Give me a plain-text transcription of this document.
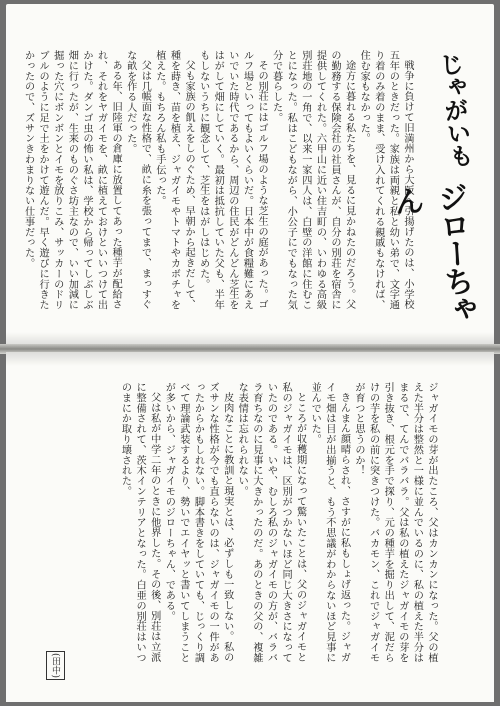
じゃがいも
ジローちゃん

戦争に負けて旧満州から大阪へ引揚げたのは、小学校五年のときだった。家族は両親と私と幼い弟で、文字通り着のみ着のまま、受け入れてくれる親戚もなければ、住む家もなかった。

途方に暮れる私たちを、見るに見かねたのだろう。父の勤務する保険会社の社員さんが、自分の別荘を宿舎に提供してくれた。六甲山に近い住吉町の、いわゆる高級別荘地の一角で、以来一家四人は、白壁の洋館に住むことになった。私はこどもながら、小公子にでもなった気分で暮らした。

その別荘にはゴルフ場のような芝生の庭があった。ゴルフ場といってもよいくらいだ。日本中が食糧難にあえいでいた時代であるから、周辺の住民がどんどん芝生をはがして畑にしていく。最初は抵抗していた父も、半年もしないうちに観念して、芝生をはがしはじめた。

父も家族の飢えをしのぐため、早朝から起きだして、種を蒔き、苗を植え、ジャガイモやトマトやカボチャを植えた。もちろん私も手伝った。

父は几帳面な性格で、畝に糸を張ってまで、まっすぐな畝を作る人だった。

ある年、旧陸軍の倉庫に放置してあった種芋が配給され、それをヤガイモを、畝に植えておけといいつけて出かけた。ダンゴ虫の怖い私は、学校から帰ってしぶしぶ畑に行ったが、生来のものぐさ坊主なので、いい加減に掘った穴にボンボンとイモを放りこみ、サッカーのドリブルのように足で土をかけて遊んだ。早く遊びに行きたかったので、ズサンきわまりない仕事だった。

ジャガイモの芽が出たころ、父はカンカンになった。父の植えた半分は整然と一様に並んでいるのに、私の植えた半分はまるで、てんでバラバラ。父は私の植えたジャガイモの芽を引き抜き、根元を手で探り、元の種芋を掘り出して、泥だらけの芋を私の前に突きつけた。バカモン、これでジャガイモが育つと思うのか！

きんまん顔晴らされ、さすがに私もしょげ返った。ジャガイモ畑は目が出揃うと、もう不思議がわからないほど見事に並んでいた。

ところが収穫期になって驚いたことは、父のジャガイモと私のジャガイモは、区別がつかないほど同じ大きさになっていたのである。いや、むしろ私のジャガイモの方が、バラバラ育ちなのに見事に大きかったのだ。あのときの父の、複雑な表情は忘れられない。

皮肉なことに教訓と現実とは、必ずしも一致しない。私のズサンな性格が今でも直らないのは、ジャガイモの一件があったからかもしれない。脚本書きをしていても、じっくり調べて理論武装するより、勢いでエイヤッと書いてしまうことが多いから、ジャガイモのジローちゃん、である。

父は私が中学二年のときに他界した。その後、別荘は立派に整備されて、茨木インテリアとなった。白亜の別荘はいつのまにか取り壊された。

(田中)
